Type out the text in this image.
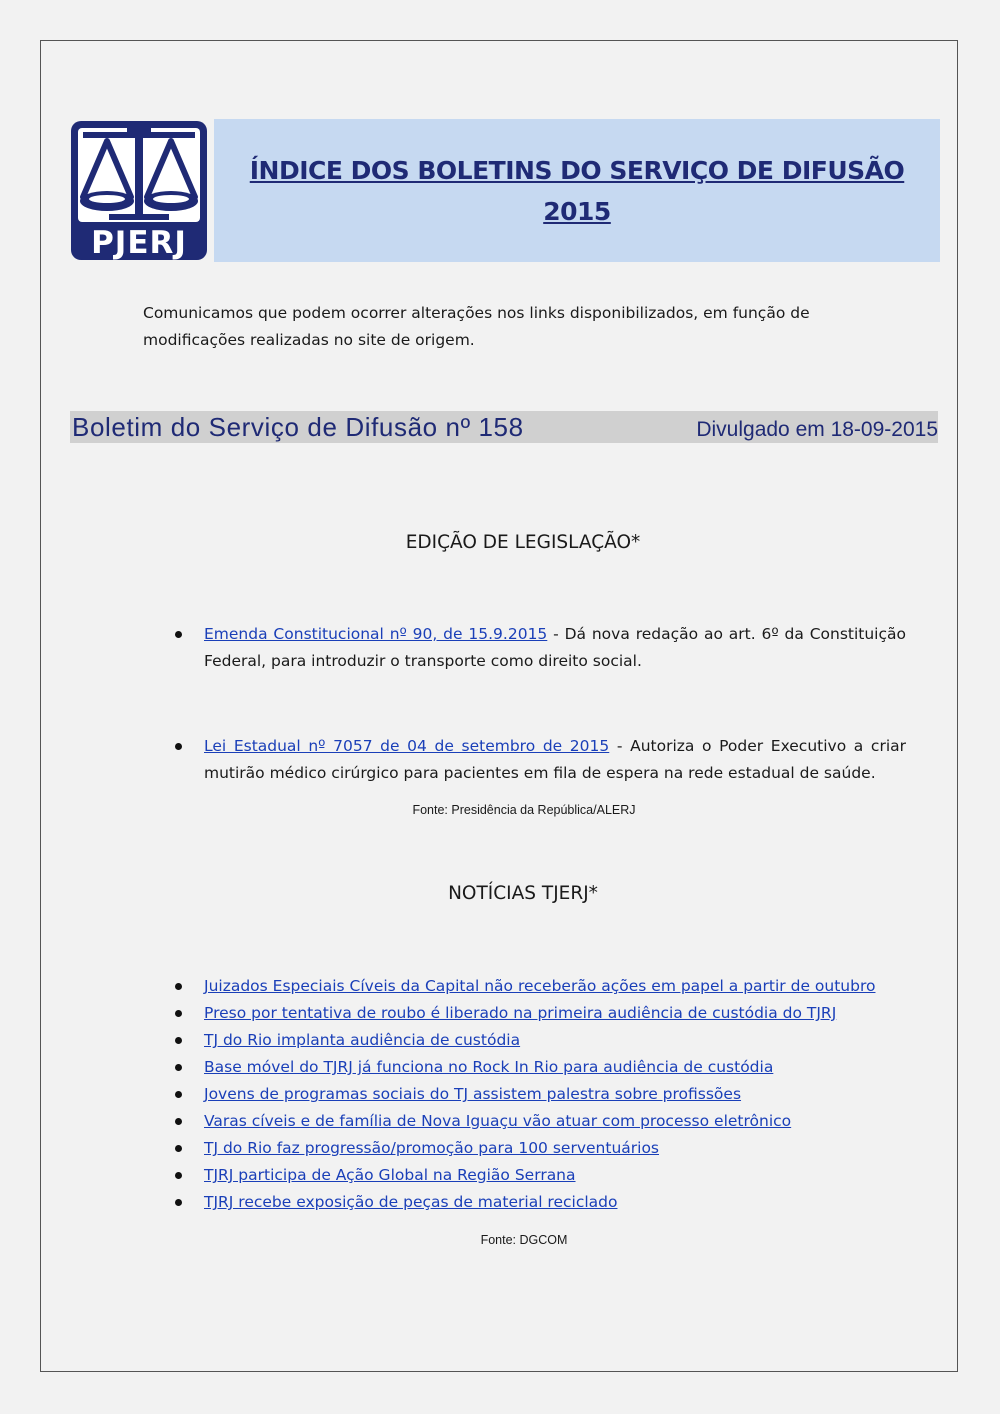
PJERJ
ÍNDICE DOS BOLETINS DO SERVIÇO DE DIFUSÃO
2015
Comunicamos que podem ocorrer alterações nos links disponibilizados, em função de modificações realizadas no site de origem.
Boletim do Serviço de Difusão nº 158	Divulgado em 18-09-2015
EDIÇÃO DE LEGISLAÇÃO*
Emenda Constitucional nº 90, de 15.9.2015 - Dá nova redação ao art. 6º da Constituição Federal, para introduzir o transporte como direito social.
Lei Estadual nº 7057 de 04 de setembro de 2015 - Autoriza o Poder Executivo a criar mutirão médico cirúrgico para pacientes em fila de espera na rede estadual de saúde.
Fonte: Presidência da República/ALERJ
NOTÍCIAS TJERJ*
Juizados Especiais Cíveis da Capital não receberão ações em papel a partir de outubro
Preso por tentativa de roubo é liberado na primeira audiência de custódia do TJRJ
TJ do Rio implanta audiência de custódia
Base móvel do TJRJ já funciona no Rock In Rio para audiência de custódia
Jovens de programas sociais do TJ assistem palestra sobre profissões
Varas cíveis e de família de Nova Iguaçu vão atuar com processo eletrônico
TJ do Rio faz progressão/promoção para 100 serventuários
TJRJ participa de Ação Global na Região Serrana
TJRJ recebe exposição de peças de material reciclado
Fonte: DGCOM
